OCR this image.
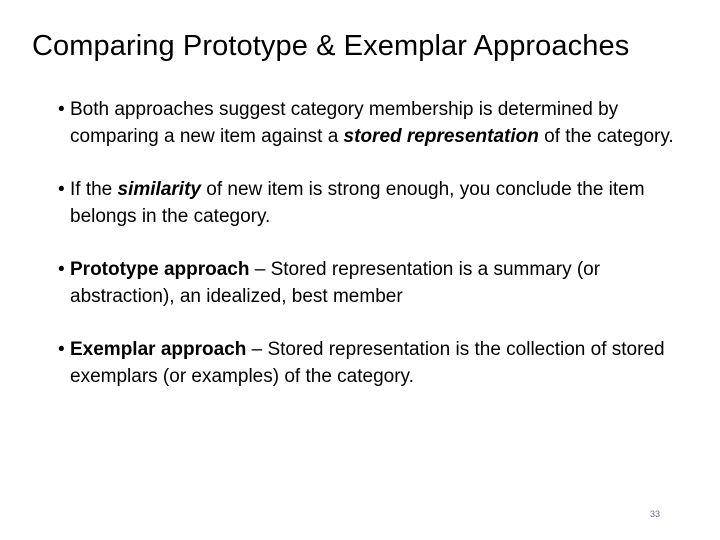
Comparing Prototype & Exemplar Approaches
• Both approaches suggest category membership is determined by comparing a new item against a stored representation of the category.
• If the similarity of new item is strong enough, you conclude the item belongs in the category.
• Prototype approach – Stored representation is a summary (or abstraction), an idealized, best member
• Exemplar approach – Stored representation is the collection of stored exemplars (or examples) of the category.
33
